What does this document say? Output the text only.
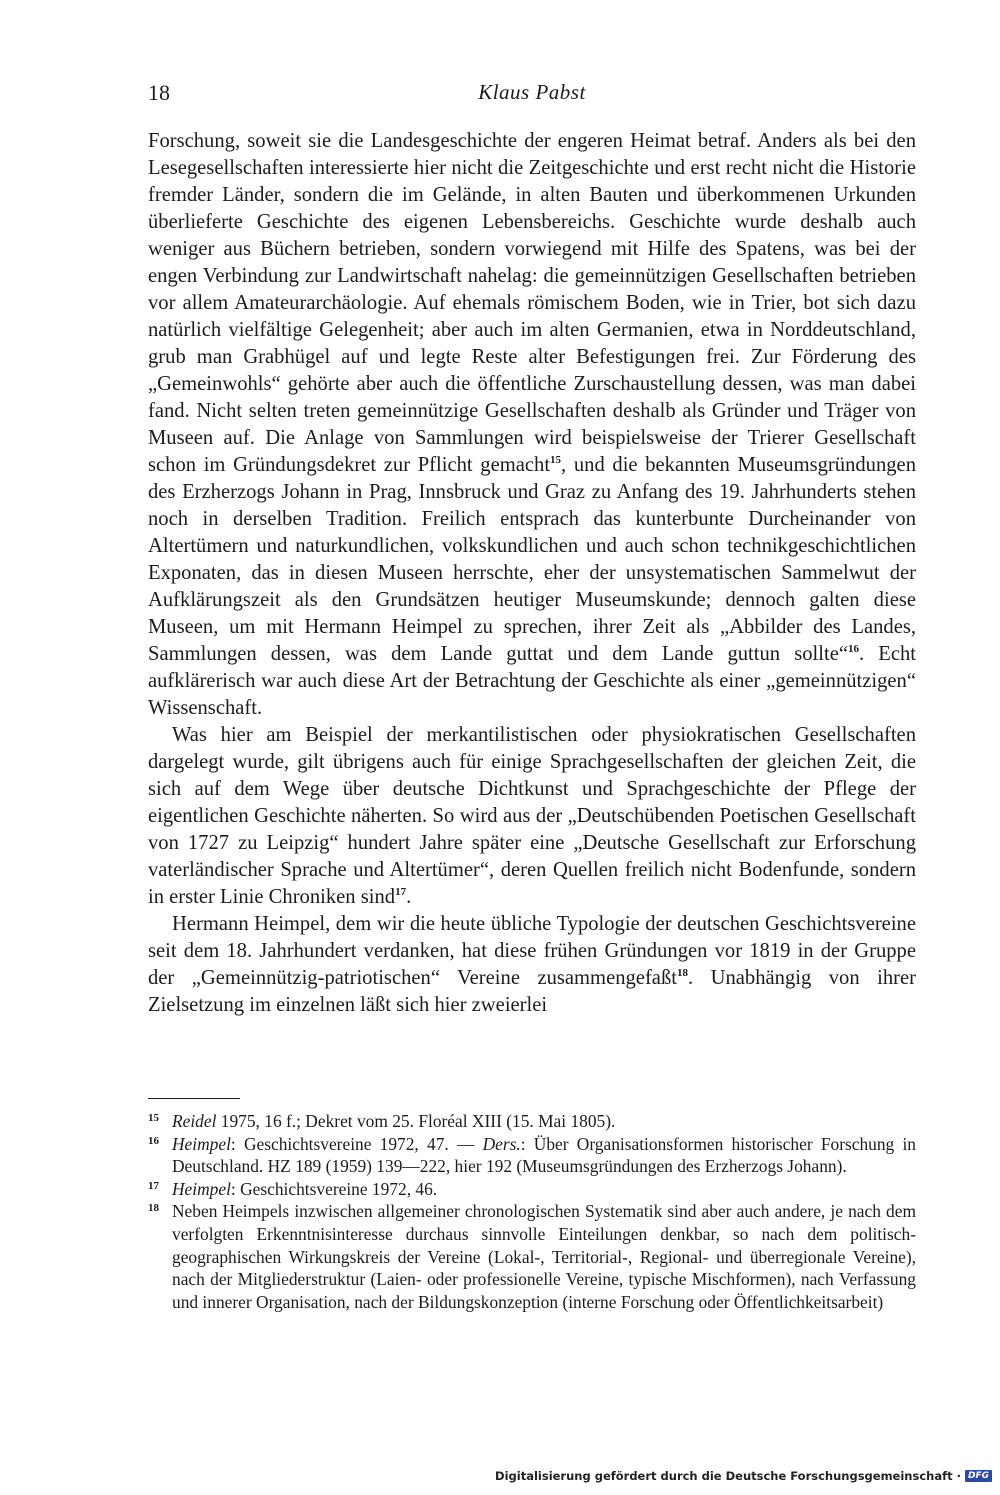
18	Klaus Pabst

Forschung, soweit sie die Landesgeschichte der engeren Heimat betraf. Anders als bei den Lesegesellschaften interessierte hier nicht die Zeitgeschichte und erst recht nicht die Historie fremder Länder, sondern die im Gelände, in alten Bauten und überkommenen Urkunden überlieferte Geschichte des eigenen Lebensbereichs. Geschichte wurde deshalb auch weniger aus Büchern betrieben, sondern vorwiegend mit Hilfe des Spatens, was bei der engen Verbindung zur Landwirtschaft nahelag: die gemeinnützigen Gesellschaften betrieben vor allem Amateurarchäologie. Auf ehemals römischem Boden, wie in Trier, bot sich dazu natürlich vielfältige Gelegenheit; aber auch im alten Germanien, etwa in Norddeutschland, grub man Grabhügel auf und legte Reste alter Befestigungen frei. Zur Förderung des „Gemeinwohls“ gehörte aber auch die öffentliche Zurschaustellung dessen, was man dabei fand. Nicht selten treten gemeinnützige Gesellschaften deshalb als Gründer und Träger von Museen auf. Die Anlage von Sammlungen wird beispielsweise der Trierer Gesellschaft schon im Gründungsdekret zur Pflicht gemacht$^{15}$, und die bekannten Museumsgründungen des Erzherzogs Johann in Prag, Innsbruck und Graz zu Anfang des 19. Jahrhunderts stehen noch in derselben Tradition. Freilich entsprach das kunterbunte Durcheinander von Altertümern und naturkundlichen, volkskundlichen und auch schon technikgeschichtlichen Exponaten, das in diesen Museen herrschte, eher der unsystematischen Sammelwut der Aufklärungszeit als den Grundsätzen heutiger Museumskunde; dennoch galten diese Museen, um mit Hermann Heimpel zu sprechen, ihrer Zeit als „Abbilder des Landes, Sammlungen dessen, was dem Lande guttat und dem Lande guttun sollte“$^{16}$. Echt aufklärerisch war auch diese Art der Betrachtung der Geschichte als einer „gemeinnützigen“ Wissenschaft.

Was hier am Beispiel der merkantilistischen oder physiokratischen Gesellschaften dargelegt wurde, gilt übrigens auch für einige Sprachgesellschaften der gleichen Zeit, die sich auf dem Wege über deutsche Dichtkunst und Sprachgeschichte der Pflege der eigentlichen Geschichte näherten. So wird aus der „Deutschübenden Poetischen Gesellschaft von 1727 zu Leipzig“ hundert Jahre später eine „Deutsche Gesellschaft zur Erforschung vaterländischer Sprache und Altertümer“, deren Quellen freilich nicht Bodenfunde, sondern in erster Linie Chroniken sind$^{17}$.

Hermann Heimpel, dem wir die heute übliche Typologie der deutschen Geschichtsvereine seit dem 18. Jahrhundert verdanken, hat diese frühen Gründungen vor 1819 in der Gruppe der „Gemeinnützig-patriotischen“ Vereine zusammengefaßt$^{18}$. Unabhängig von ihrer Zielsetzung im einzelnen läßt sich hier zweierlei

15 Reidel 1975, 16 f.; Dekret vom 25. Floréal XIII (15. Mai 1805).
16 Heimpel: Geschichtsvereine 1972, 47. — Ders.: Über Organisationsformen historischer Forschung in Deutschland. HZ 189 (1959) 139—222, hier 192 (Museumsgründungen des Erzherzogs Johann).
17 Heimpel: Geschichtsvereine 1972, 46.
18 Neben Heimpels inzwischen allgemeiner chronologischen Systematik sind aber auch andere, je nach dem verfolgten Erkenntnisinteresse durchaus sinnvolle Einteilungen denkbar, so nach dem politisch-geographischen Wirkungskreis der Vereine (Lokal-, Territorial-, Regional- und überregionale Vereine), nach der Mitgliederstruktur (Laien- oder professionelle Vereine, typische Mischformen), nach Verfassung und innerer Organisation, nach der Bildungskonzeption (interne Forschung oder Öffentlichkeitsarbeit)
Digitalisierung gefördert durch die Deutsche Forschungsgemeinschaft · DFG
